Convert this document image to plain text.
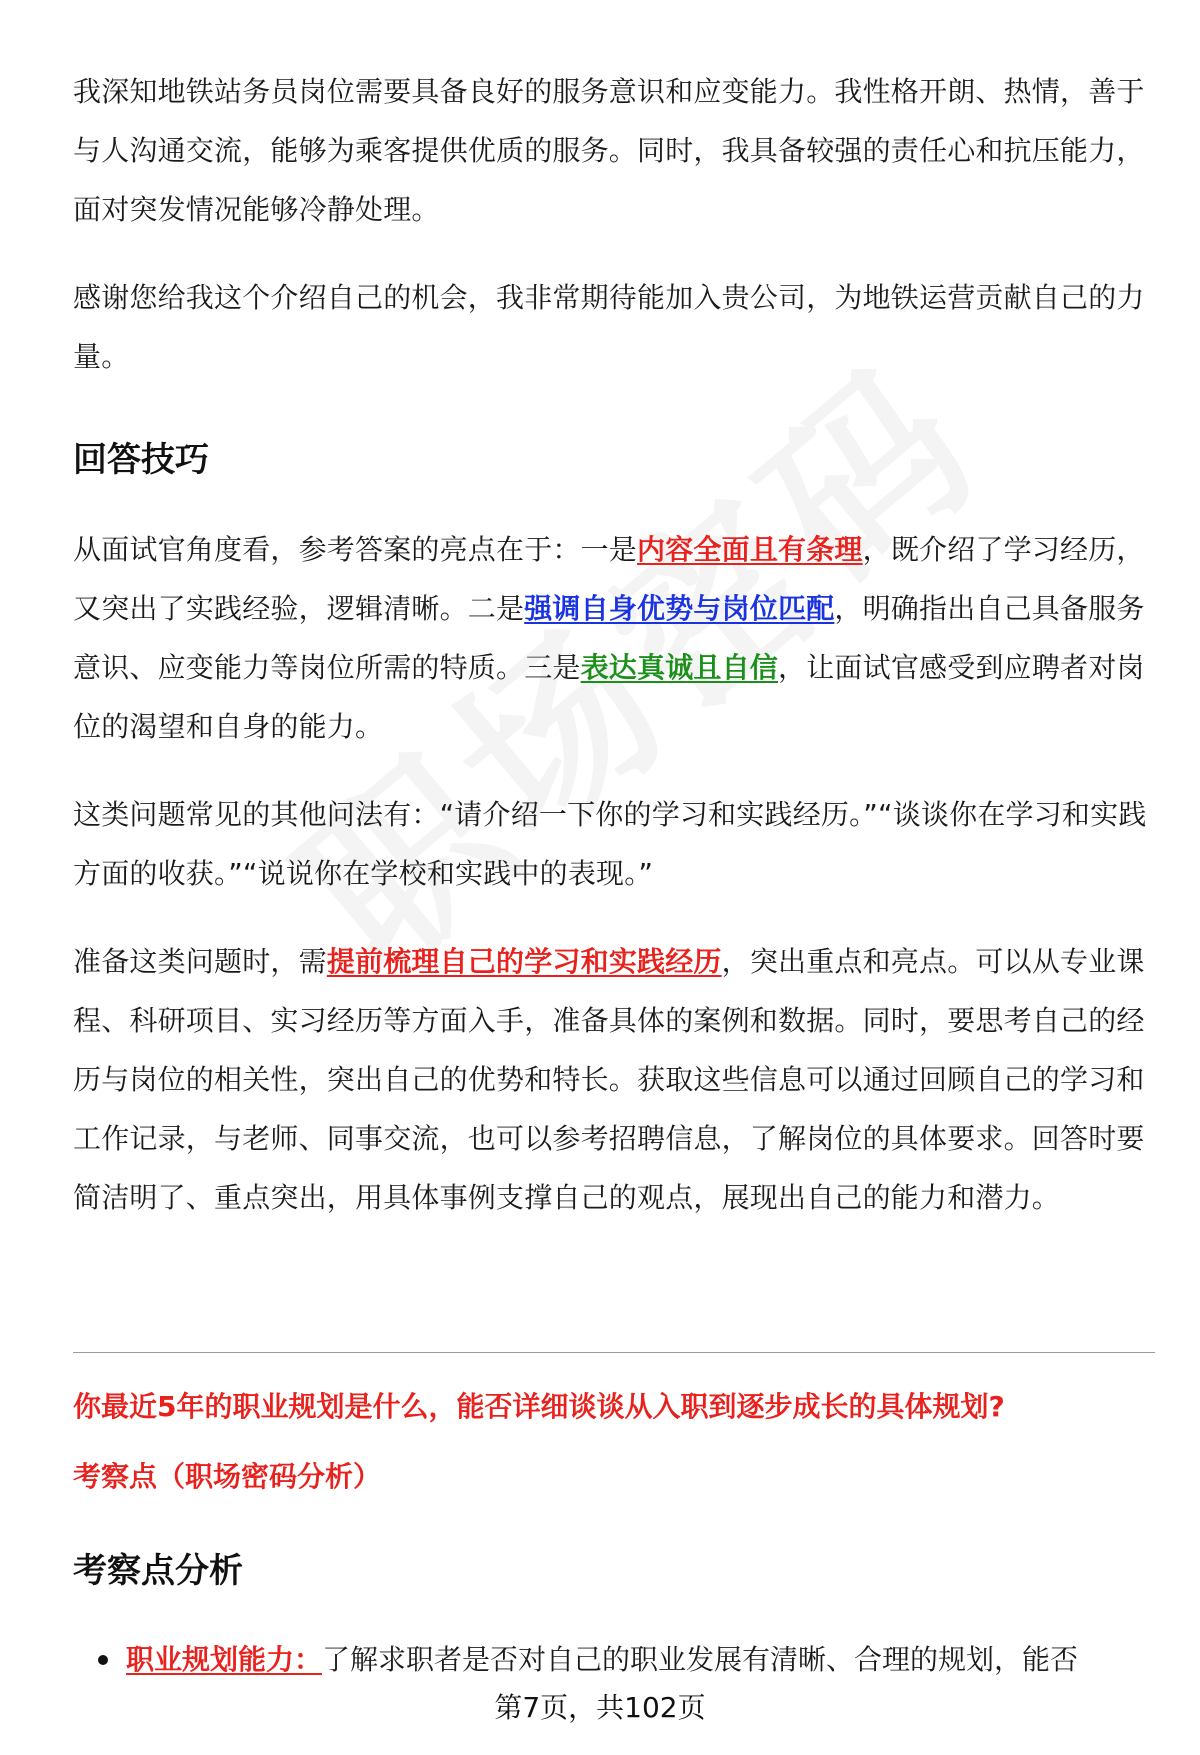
我深知地铁站务员岗位需要具备良好的服务意识和应变能力。我性格开朗、热情，善于与人沟通交流，能够为乘客提供优质的服务。同时，我具备较强的责任心和抗压能力，面对突发情况能够冷静处理。

感谢您给我这个介绍自己的机会，我非常期待能加入贵公司，为地铁运营贡献自己的力量。

回答技巧

从面试官角度看，参考答案的亮点在于：一是内容全面且有条理，既介绍了学习经历，又突出了实践经验，逻辑清晰。二是强调自身优势与岗位匹配，明确指出自己具备服务意识、应变能力等岗位所需的特质。三是表达真诚且自信，让面试官感受到应聘者对岗位的渴望和自身的能力。

这类问题常见的其他问法有：“请介绍一下你的学习和实践经历。”“谈谈你在学习和实践方面的收获。”“说说你在学校和实践中的表现。”

准备这类问题时，需提前梳理自己的学习和实践经历，突出重点和亮点。可以从专业课程、科研项目、实习经历等方面入手，准备具体的案例和数据。同时，要思考自己的经历与岗位的相关性，突出自己的优势和特长。获取这些信息可以通过回顾自己的学习和工作记录，与老师、同事交流，也可以参考招聘信息，了解岗位的具体要求。回答时要简洁明了、重点突出，用具体事例支撑自己的观点，展现出自己的能力和潜力。

你最近5年的职业规划是什么，能否详细谈谈从入职到逐步成长的具体规划?

考察点（职场密码分析）

考察点分析
职业规划能力： 了解求职者是否对自己的职业发展有清晰、合理的规划，能否
第7页，共102页
